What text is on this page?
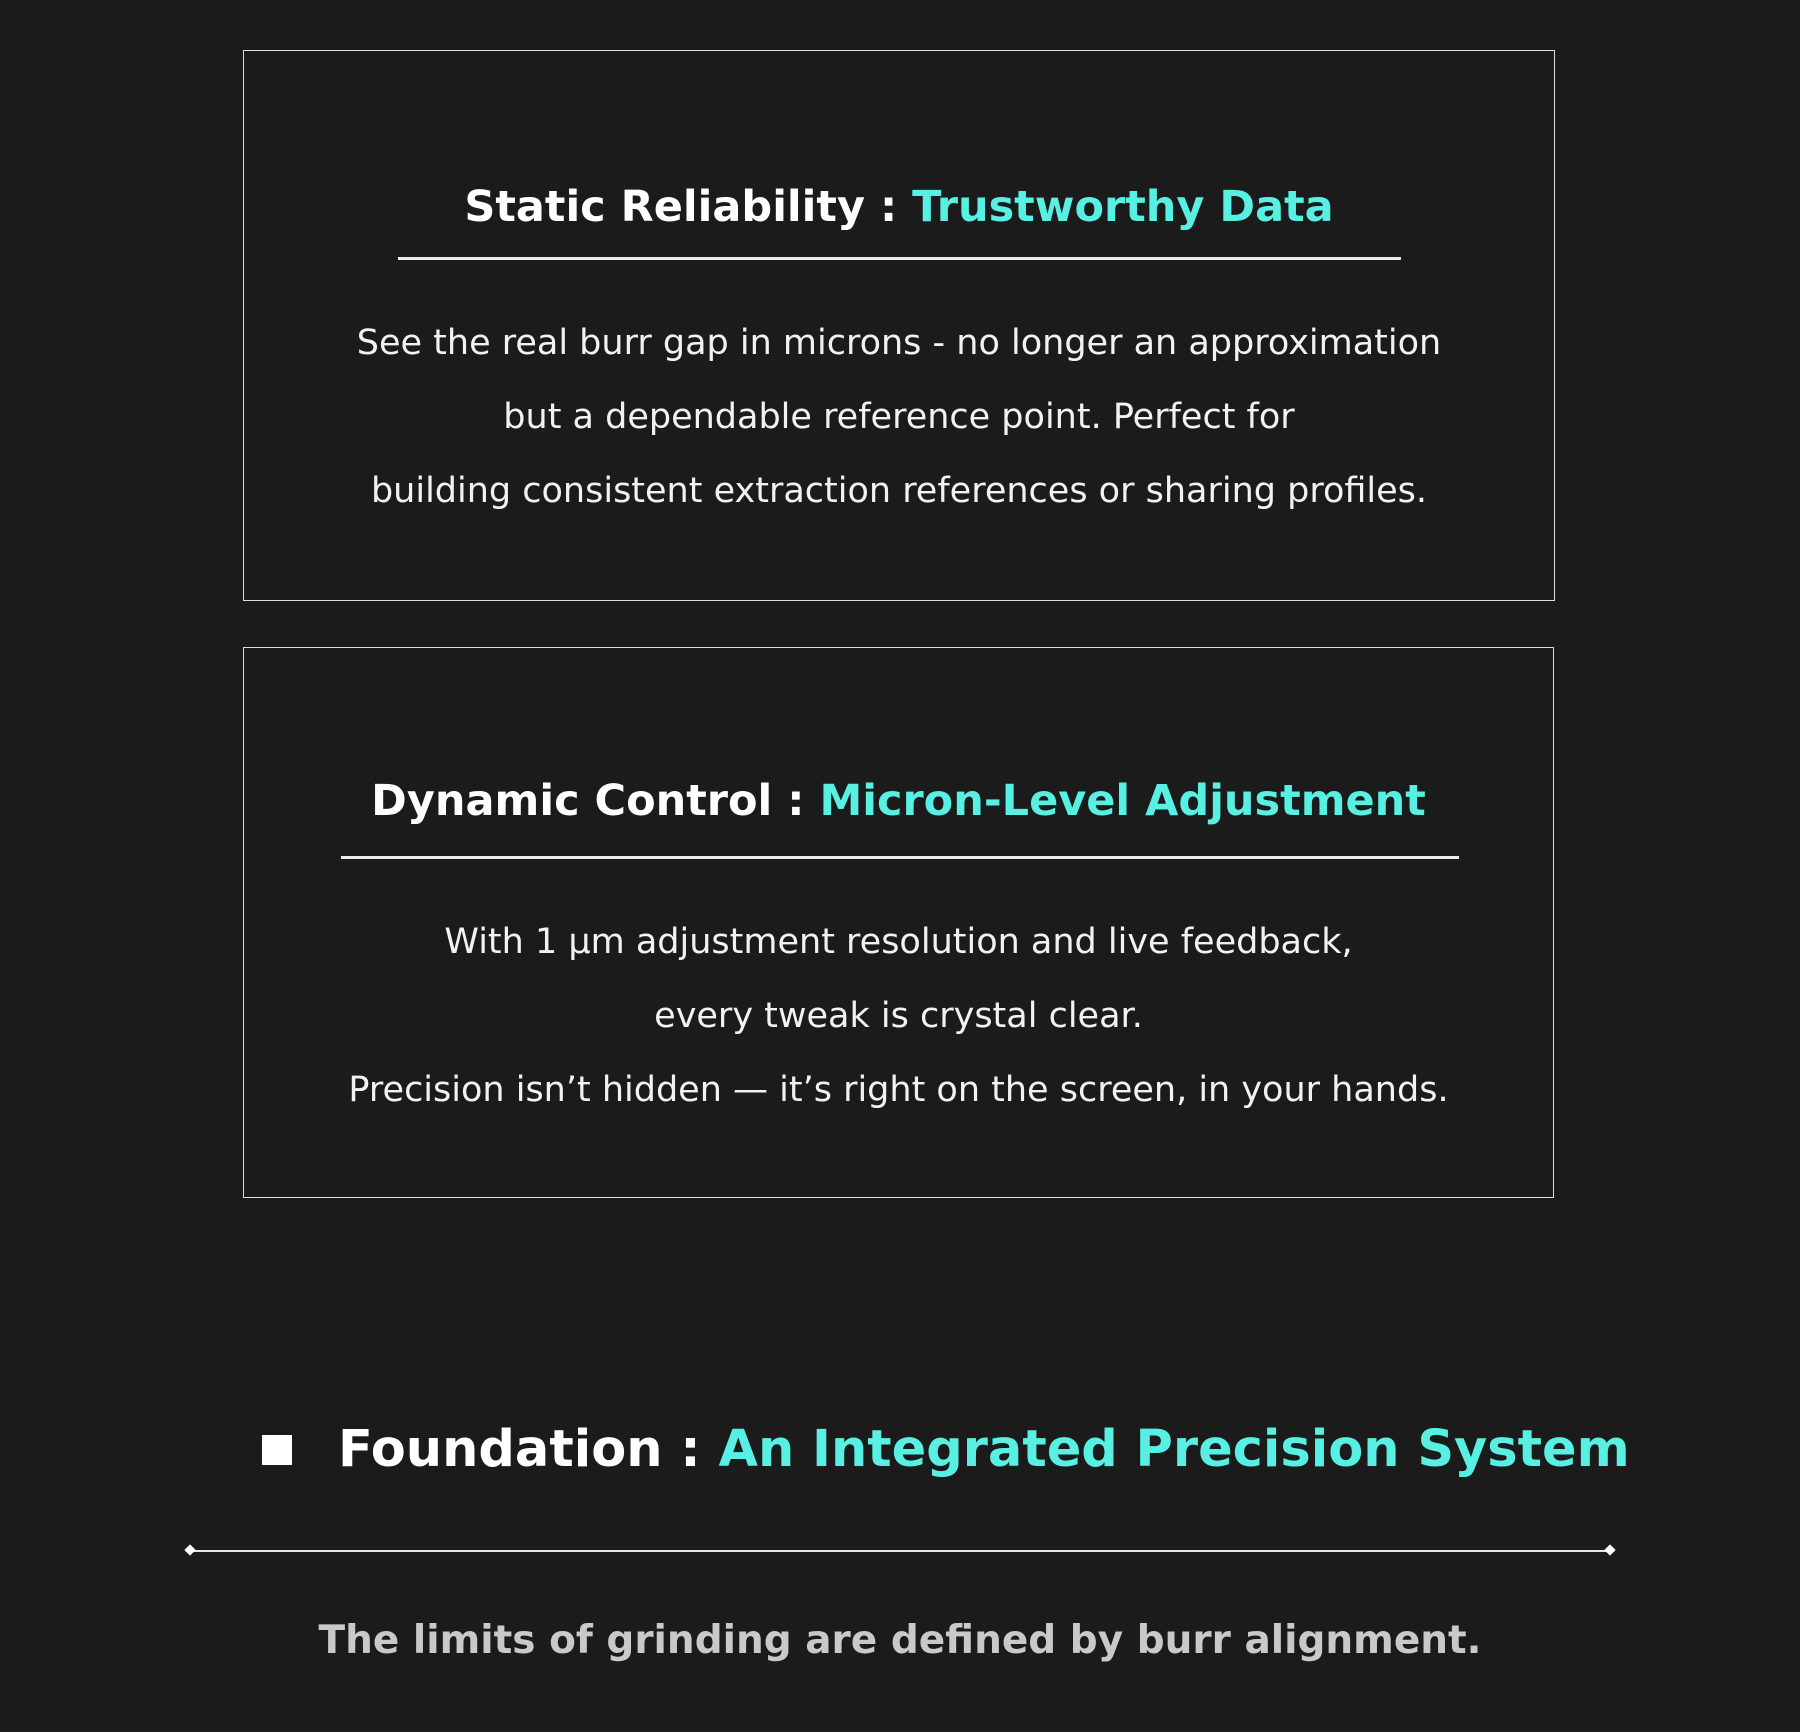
Static Reliability : Trustworthy Data
See the real burr gap in microns - no longer an approximation
but a dependable reference point. Perfect for
building consistent extraction references or sharing profiles.
Dynamic Control : Micron-Level Adjustment
With 1 μm adjustment resolution and live feedback,
every tweak is crystal clear.
Precision isn’t hidden — it’s right on the screen, in your hands.
Foundation : An Integrated Precision System

The limits of grinding are defined by burr alignment.
